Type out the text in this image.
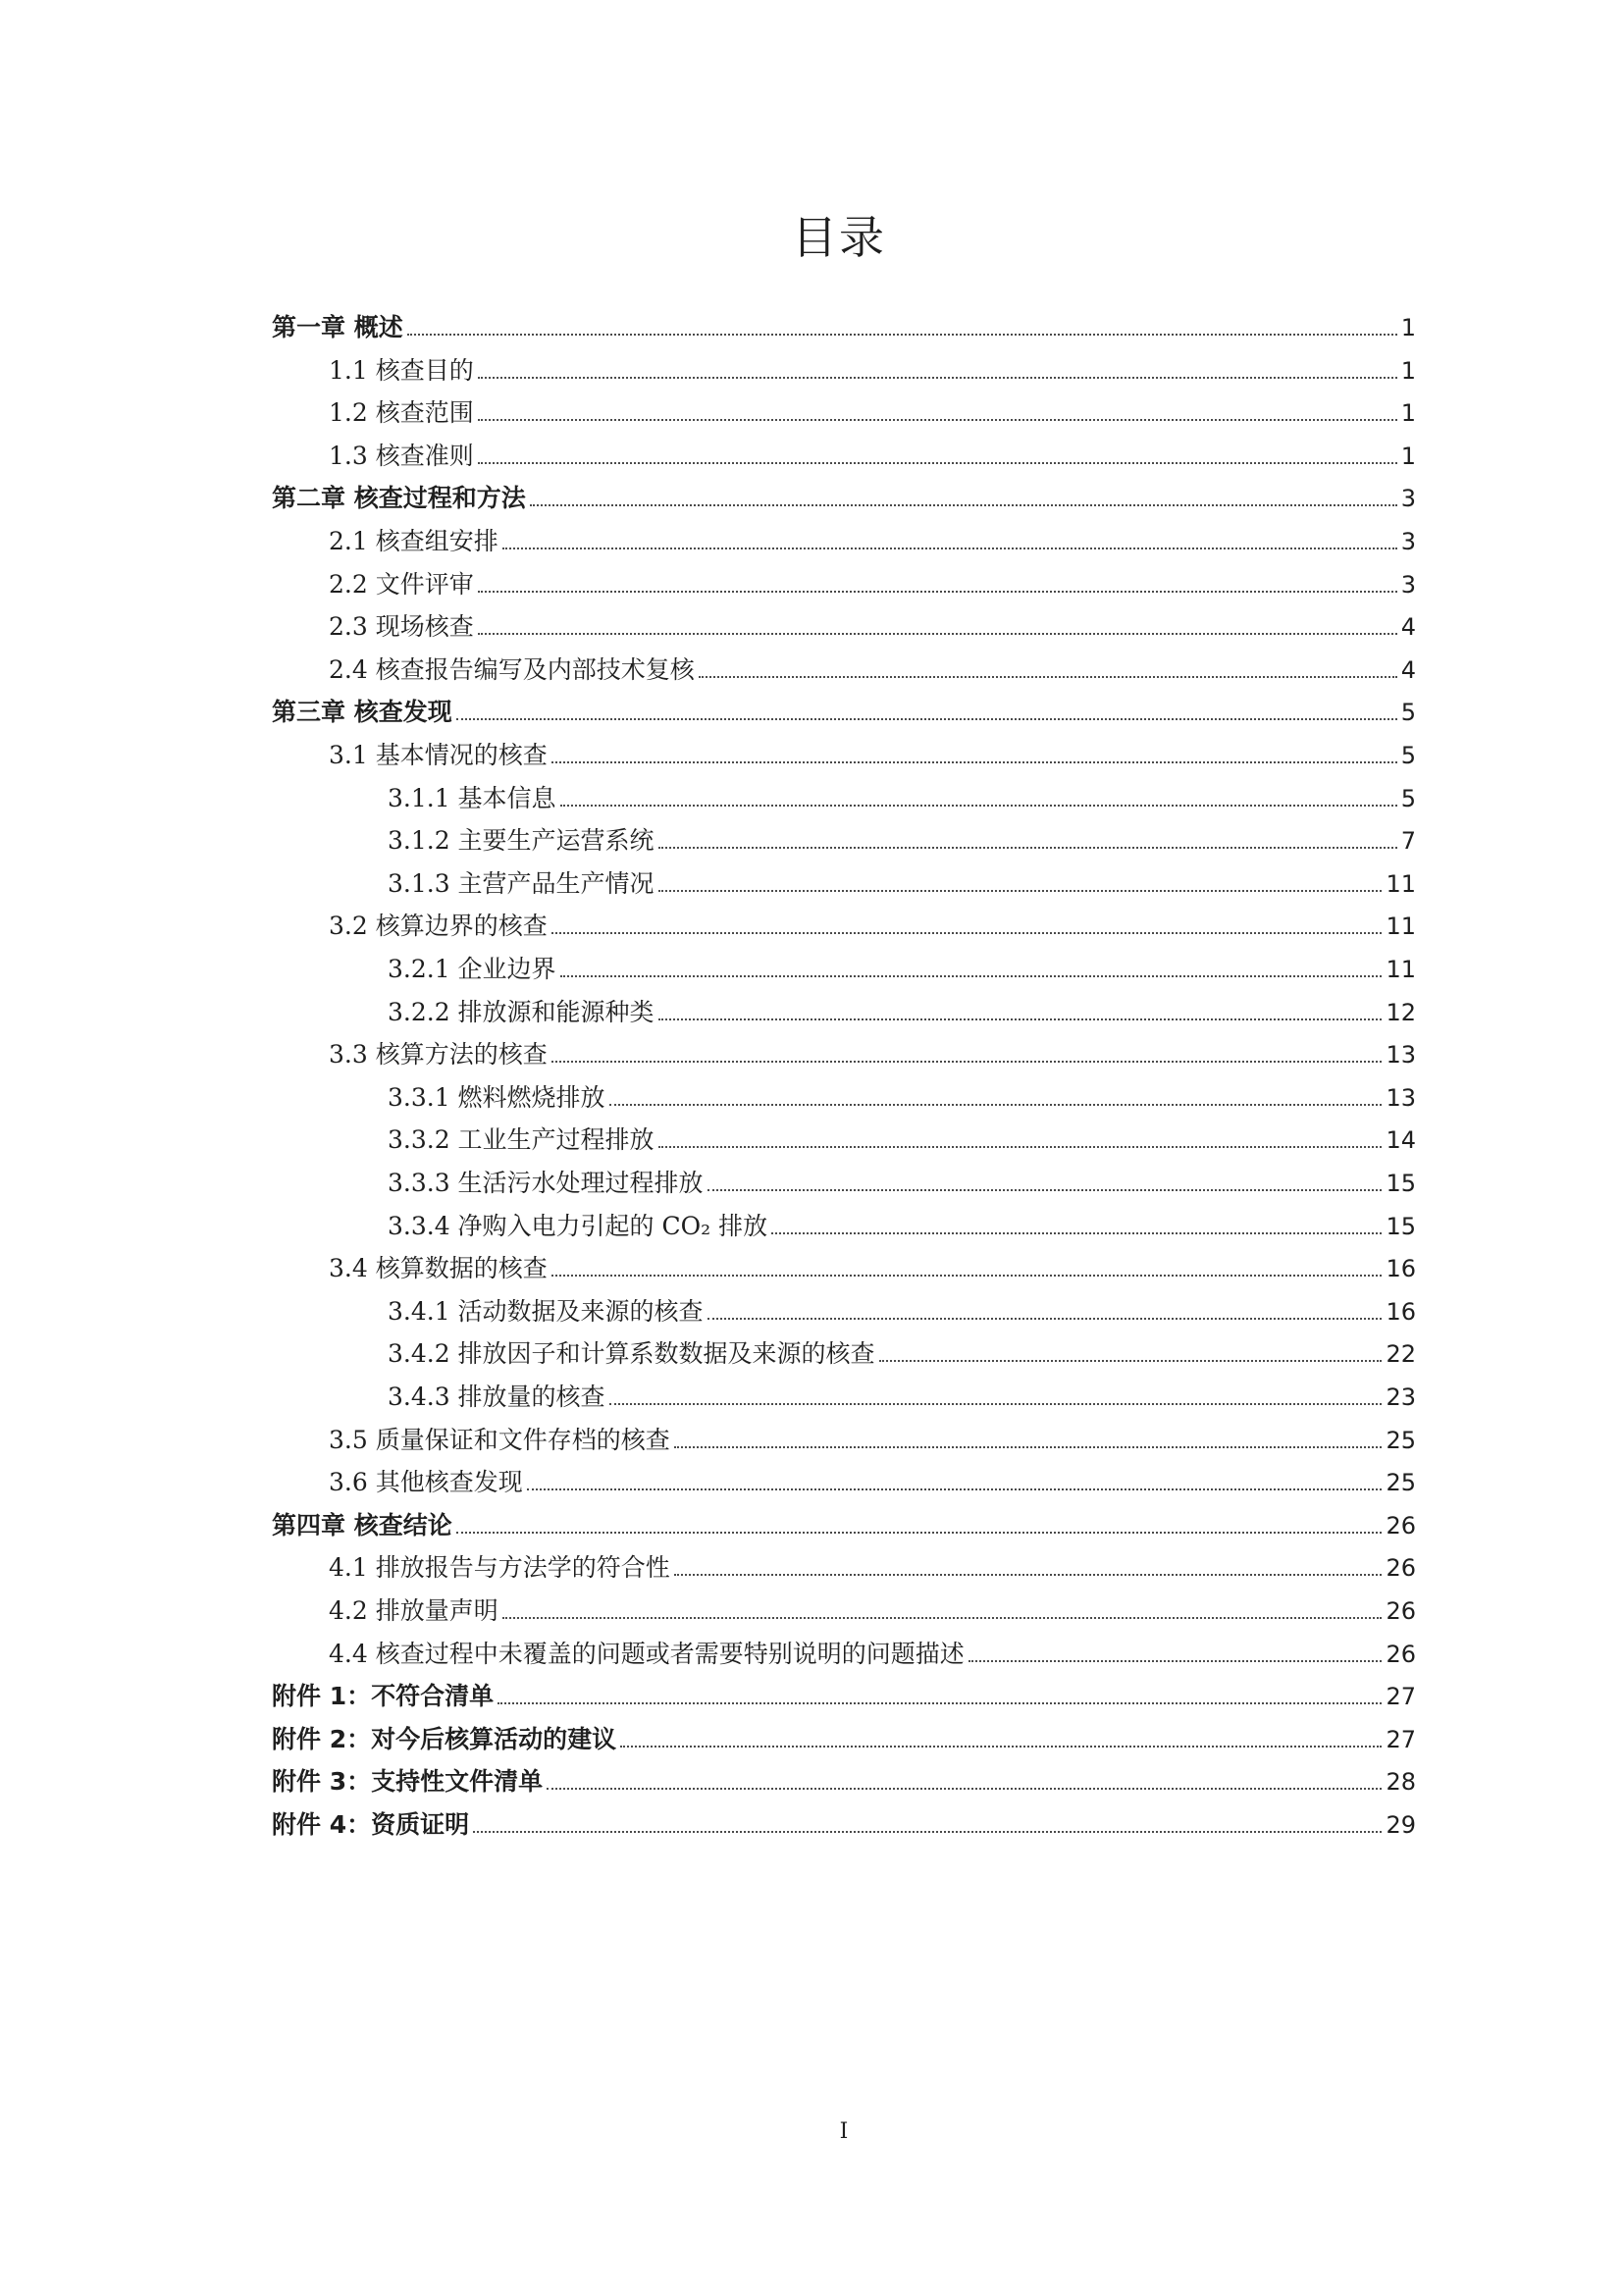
目录
第一章 概述	1
1.1 核查目的	1
1.2 核查范围	1
1.3 核查准则	1
第二章 核查过程和方法	3
2.1 核查组安排	3
2.2 文件评审	3
2.3 现场核查	4
2.4 核查报告编写及内部技术复核	4
第三章 核查发现	5
3.1 基本情况的核查	5
3.1.1 基本信息	5
3.1.2 主要生产运营系统	7
3.1.3 主营产品生产情况	11
3.2 核算边界的核查	11
3.2.1 企业边界	11
3.2.2 排放源和能源种类	12
3.3 核算方法的核查	13
3.3.1 燃料燃烧排放	13
3.3.2 工业生产过程排放	14
3.3.3 生活污水处理过程排放	15
3.3.4 净购入电力引起的 CO₂ 排放	15
3.4 核算数据的核查	16
3.4.1 活动数据及来源的核查	16
3.4.2 排放因子和计算系数数据及来源的核查	22
3.4.3 排放量的核查	23
3.5 质量保证和文件存档的核查	25
3.6 其他核查发现	25
第四章 核查结论	26
4.1 排放报告与方法学的符合性	26
4.2 排放量声明	26
4.4 核查过程中未覆盖的问题或者需要特别说明的问题描述	26
附件 1：不符合清单	27
附件 2：对今后核算活动的建议	27
附件 3：支持性文件清单	28
附件 4：资质证明	29
I
